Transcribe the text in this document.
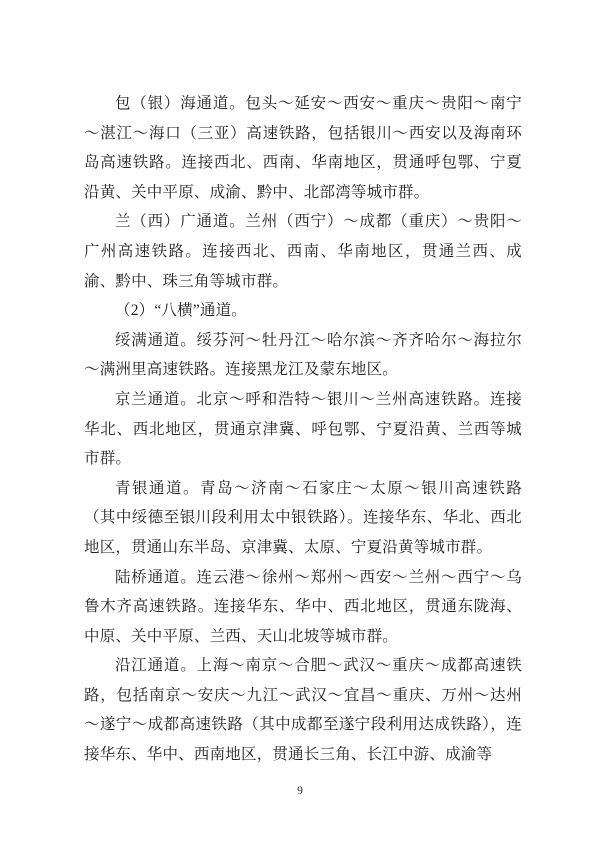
包（银）海通道。包头～延安～西安～重庆～贵阳～南宁～湛江～海口（三亚）高速铁路，包括银川～西安以及海南环岛高速铁路。连接西北、西南、华南地区，贯通呼包鄂、宁夏沿黄、关中平原、成渝、黔中、北部湾等城市群。

兰（西）广通道。兰州（西宁）～成都（重庆）～贵阳～广州高速铁路。连接西北、西南、华南地区，贯通兰西、成渝、黔中、珠三角等城市群。

（2）“八横”通道。

绥满通道。绥芬河～牡丹江～哈尔滨～齐齐哈尔～海拉尔～满洲里高速铁路。连接黑龙江及蒙东地区。

京兰通道。北京～呼和浩特～银川～兰州高速铁路。连接华北、西北地区，贯通京津冀、呼包鄂、宁夏沿黄、兰西等城市群。

青银通道。青岛～济南～石家庄～太原～银川高速铁路（其中绥德至银川段利用太中银铁路）。连接华东、华北、西北地区，贯通山东半岛、京津冀、太原、宁夏沿黄等城市群。

陆桥通道。连云港～徐州～郑州～西安～兰州～西宁～乌鲁木齐高速铁路。连接华东、华中、西北地区，贯通东陇海、中原、关中平原、兰西、天山北坡等城市群。

沿江通道。上海～南京～合肥～武汉～重庆～成都高速铁路，包括南京～安庆～九江～武汉～宜昌～重庆、万州～达州～遂宁～成都高速铁路（其中成都至遂宁段利用达成铁路），连接华东、华中、西南地区，贯通长三角、长江中游、成渝等

9
